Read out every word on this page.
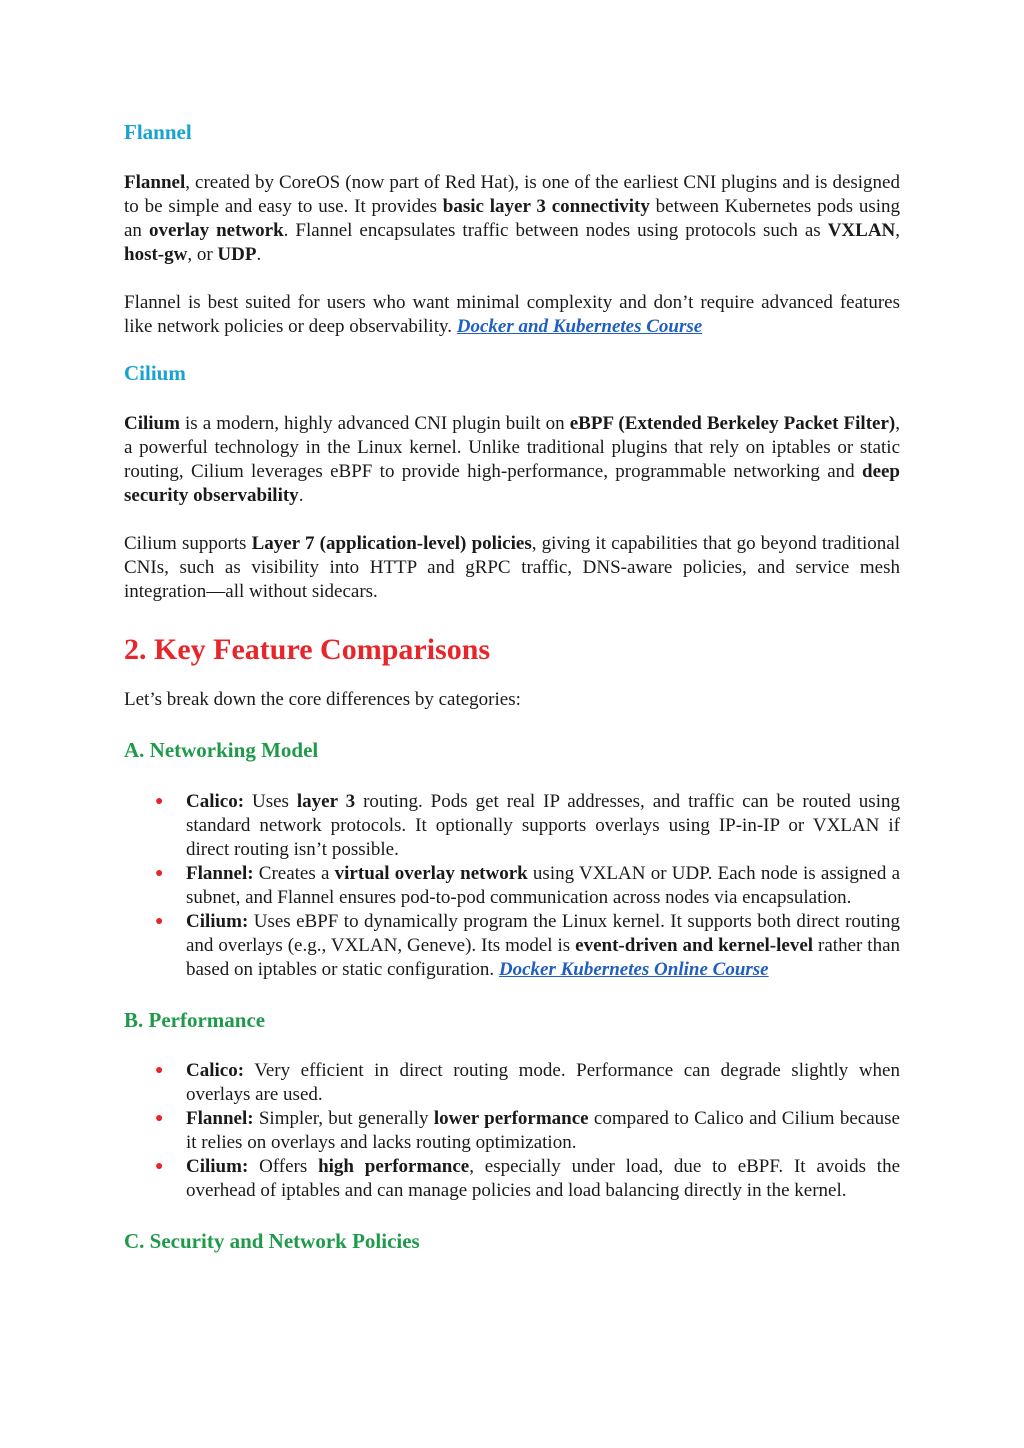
Flannel

Flannel, created by CoreOS (now part of Red Hat), is one of the earliest CNI plugins and is designed to be simple and easy to use. It provides basic layer 3 connectivity between Kubernetes pods using an overlay network. Flannel encapsulates traffic between nodes using protocols such as VXLAN, host-gw, or UDP.

Flannel is best suited for users who want minimal complexity and don’t require advanced features like network policies or deep observability. Docker and Kubernetes Course

Cilium

Cilium is a modern, highly advanced CNI plugin built on eBPF (Extended Berkeley Packet Filter), a powerful technology in the Linux kernel. Unlike traditional plugins that rely on iptables or static routing, Cilium leverages eBPF to provide high-performance, programmable networking and deep security observability.

Cilium supports Layer 7 (application-level) policies, giving it capabilities that go beyond traditional CNIs, such as visibility into HTTP and gRPC traffic, DNS-aware policies, and service mesh integration—all without sidecars.

2. Key Feature Comparisons

Let’s break down the core differences by categories:

A. Networking Model
● Calico: Uses layer 3 routing. Pods get real IP addresses, and traffic can be routed using standard network protocols. It optionally supports overlays using IP-in-IP or VXLAN if direct routing isn’t possible.
● Flannel: Creates a virtual overlay network using VXLAN or UDP. Each node is assigned a subnet, and Flannel ensures pod-to-pod communication across nodes via encapsulation.
● Cilium: Uses eBPF to dynamically program the Linux kernel. It supports both direct routing and overlays (e.g., VXLAN, Geneve). Its model is event-driven and kernel-level rather than based on iptables or static configuration. Docker Kubernetes Online Course
B. Performance
● Calico: Very efficient in direct routing mode. Performance can degrade slightly when overlays are used.
● Flannel: Simpler, but generally lower performance compared to Calico and Cilium because it relies on overlays and lacks routing optimization.
● Cilium: Offers high performance, especially under load, due to eBPF. It avoids the overhead of iptables and can manage policies and load balancing directly in the kernel.
C. Security and Network Policies
